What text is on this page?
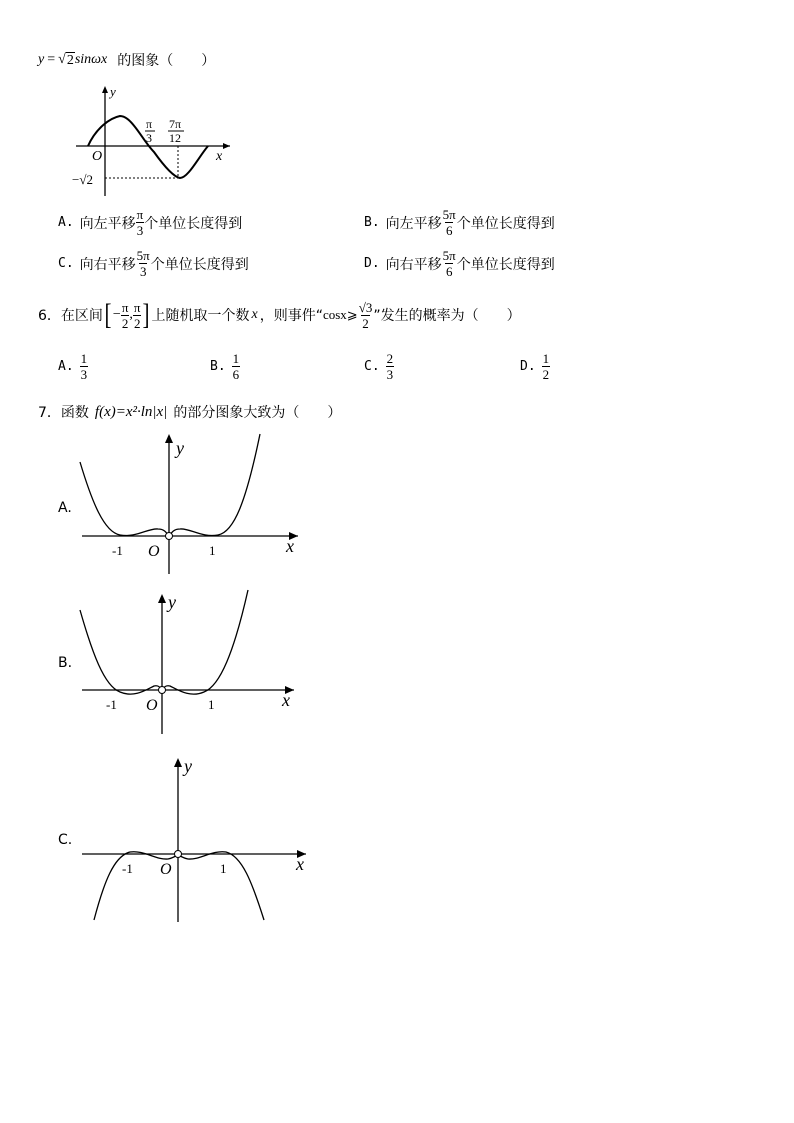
y = √ 2 sinωx 的图象（　　）
y
x
O
π
3
7π
12
−√2
A. 向左平移 $\frac{\pi}{3}$ 个单位长度得到	B. 向左平移 $\frac{5\pi}{6}$ 个单位长度得到
C. 向右平移 $\frac{5\pi}{3}$ 个单位长度得到	D. 向右平移 $\frac{5\pi}{6}$ 个单位长度得到
6． 在区间 [ − $\frac{\pi}{2}$ , $\frac{\pi}{2}$ ] 上随机取一个数 x ，则事件“ cosx⩾ $\frac{√3}{2}$ ”发生的概率为（　　）
A. $\frac{1}{3}$	B. $\frac{1}{6}$	C. $\frac{2}{3}$	D. $\frac{1}{2}$
7． 函数 f(x)=x²·ln|x| 的部分图象大致为（　　）
A.
y
x
O
-1	1
B.
y
x
O
-1	1
C.
y
x
O
-1	1
